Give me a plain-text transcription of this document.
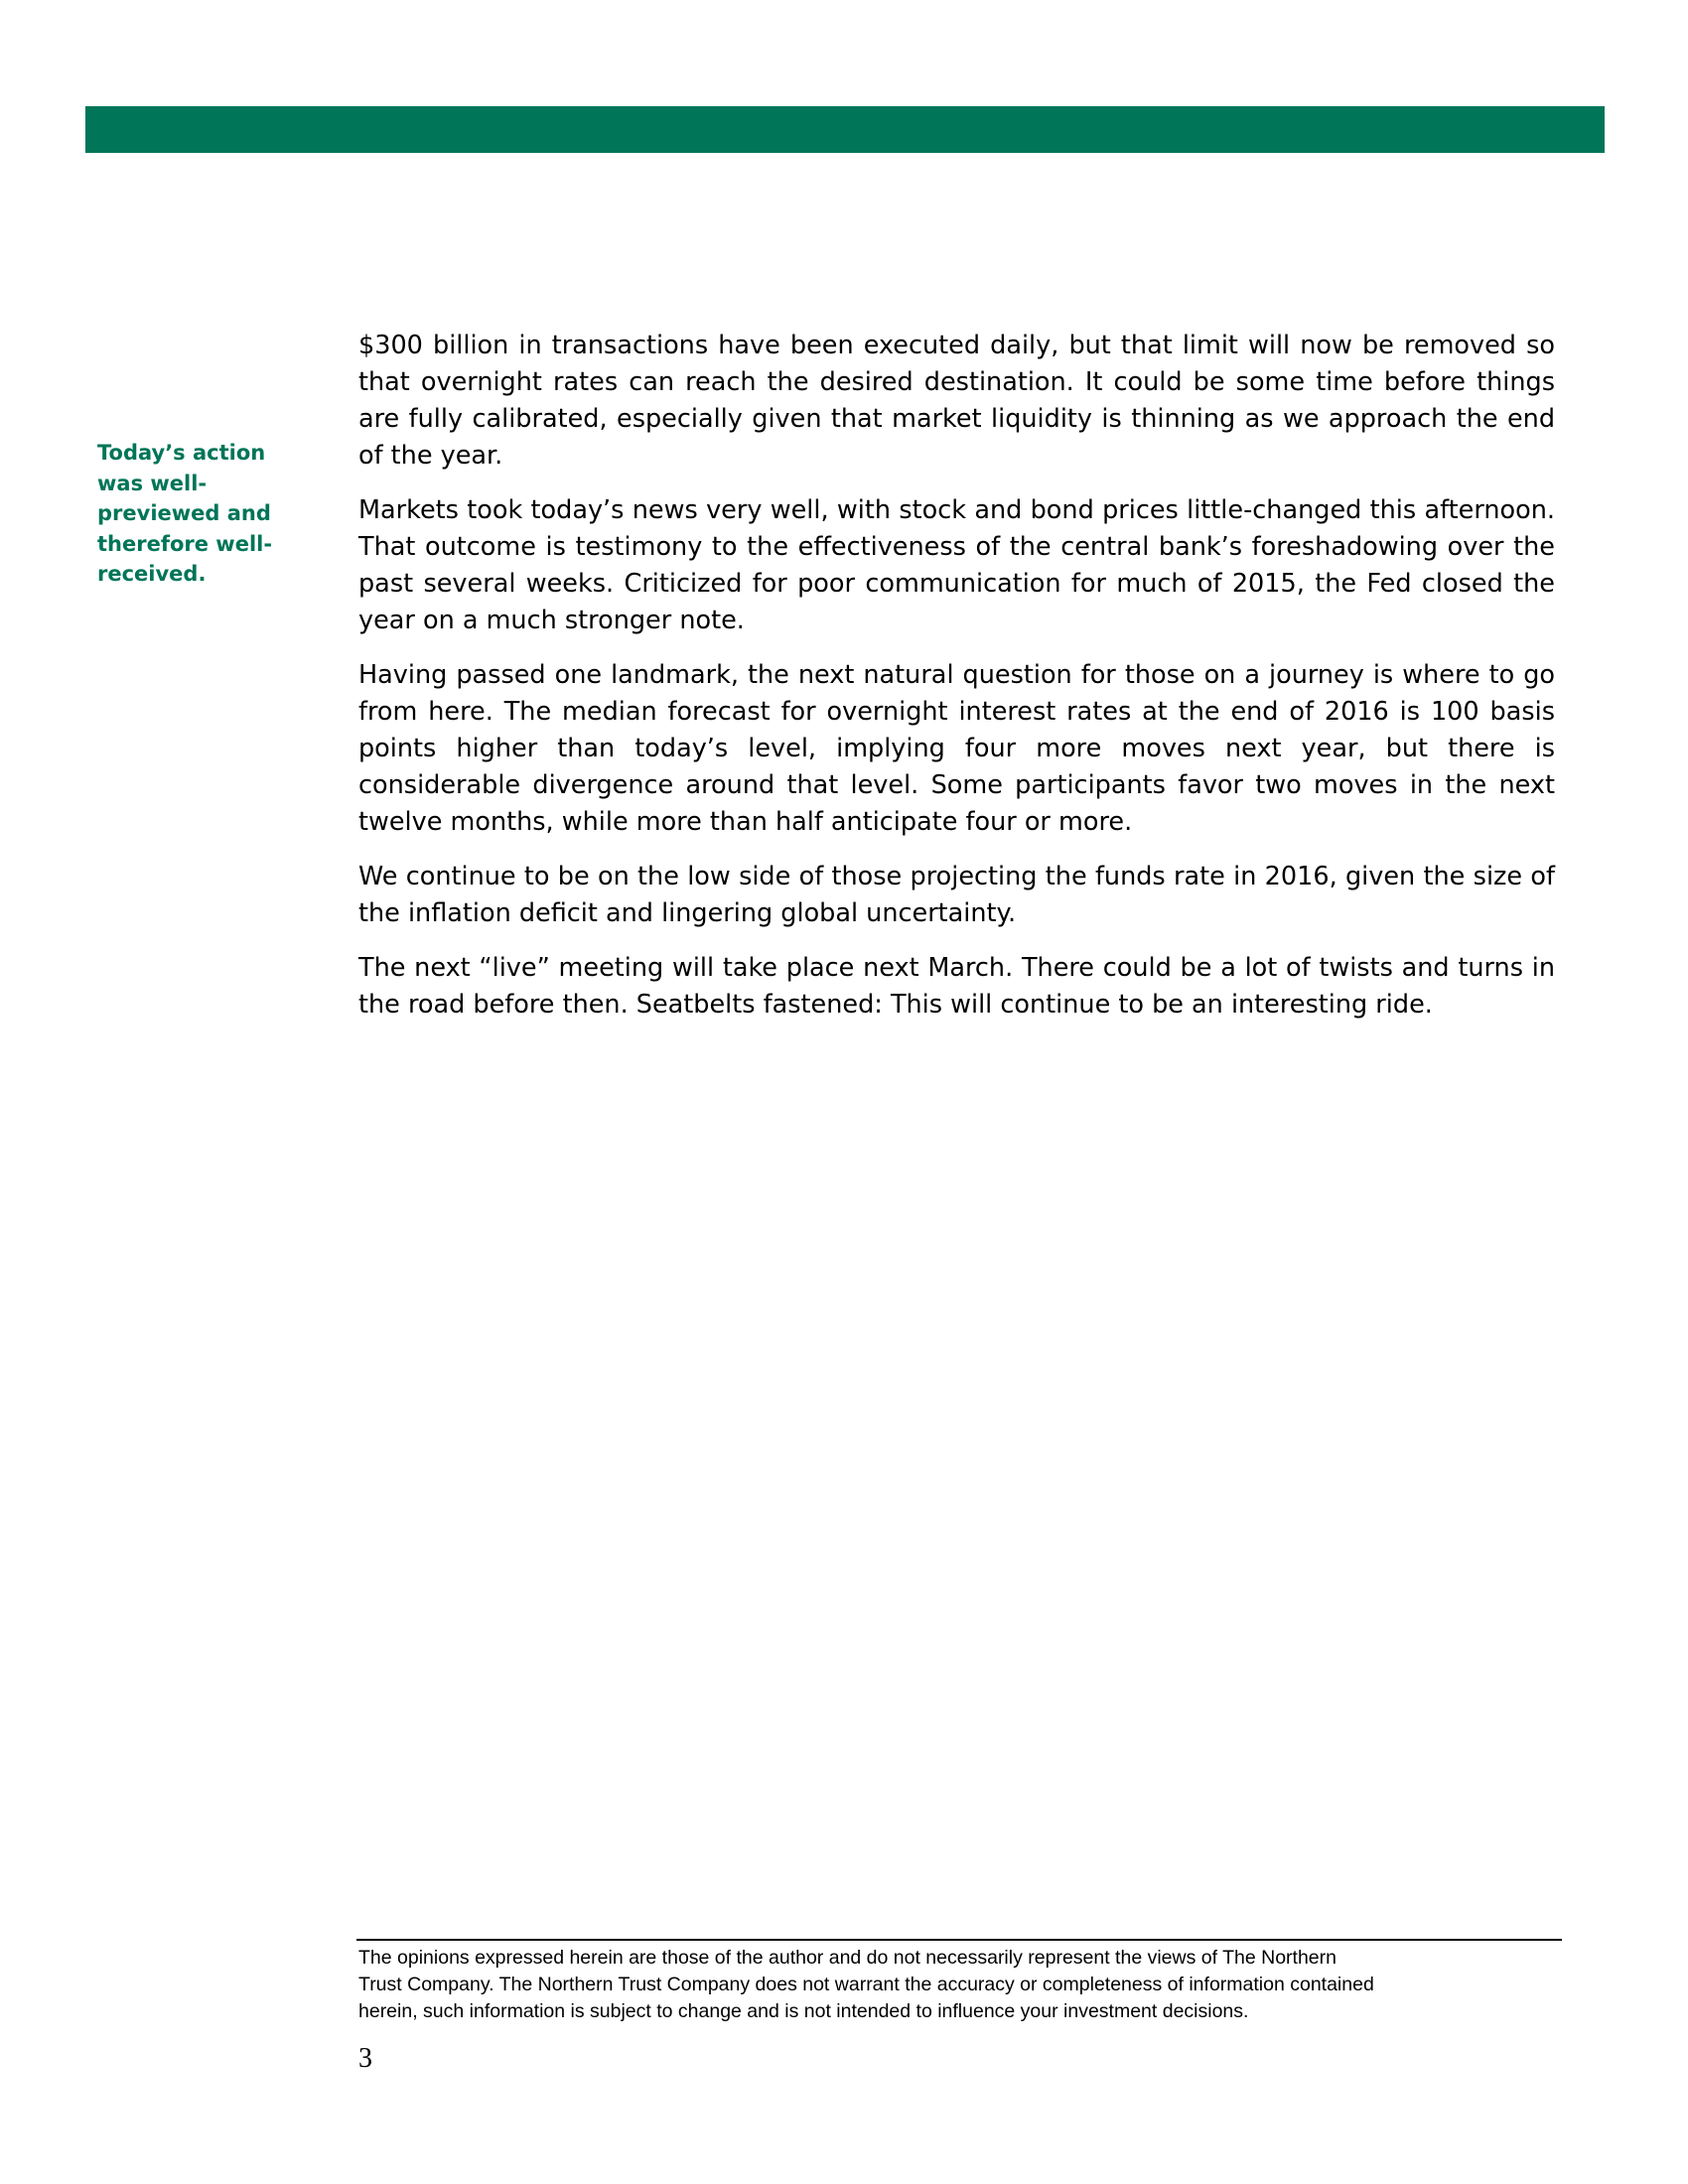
Today’s action
was well-
previewed and
therefore well-
received.

$300 billion in transactions have been executed daily, but that limit will now be removed so that overnight rates can reach the desired destination. It could be some time before things are fully calibrated, especially given that market liquidity is thinning as we approach the end of the year.

Markets took today’s news very well, with stock and bond prices little-changed this afternoon. That outcome is testimony to the effectiveness of the central bank’s foreshadowing over the past several weeks. Criticized for poor communication for much of 2015, the Fed closed the year on a much stronger note.

Having passed one landmark, the next natural question for those on a journey is where to go from here. The median forecast for overnight interest rates at the end of 2016 is 100 basis points higher than today’s level, implying four more moves next year, but there is considerable divergence around that level. Some participants favor two moves in the next twelve months, while more than half anticipate four or more.

We continue to be on the low side of those projecting the funds rate in 2016, given the size of the inflation deficit and lingering global uncertainty.

The next “live” meeting will take place next March. There could be a lot of twists and turns in the road before then. Seatbelts fastened: This will continue to be an interesting ride.

The opinions expressed herein are those of the author and do not necessarily represent the views of The Northern
Trust Company. The Northern Trust Company does not warrant the accuracy or completeness of information contained
herein, such information is subject to change and is not intended to influence your investment decisions.
3
